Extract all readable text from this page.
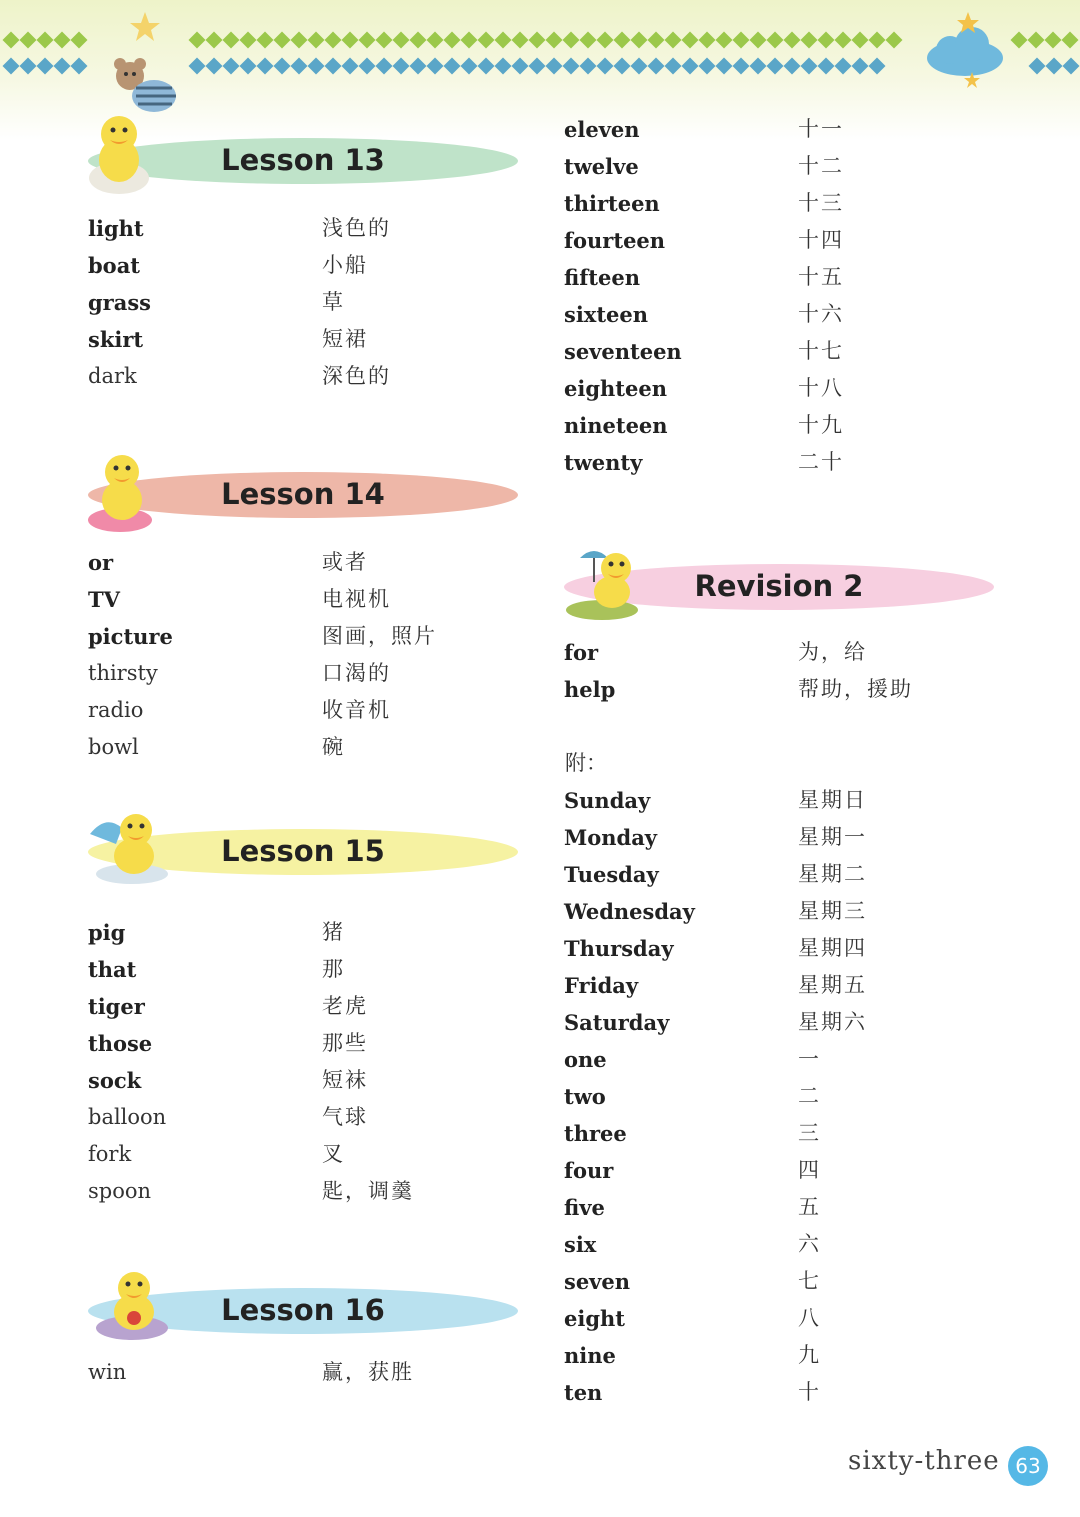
Lesson 13
light	浅色的
boat	小船
grass	草
skirt	短裙
dark	深色的
Lesson 14
or	或者
TV	电视机
picture	图画，照片
thirsty	口渴的
radio	收音机
bowl	碗
Lesson 15
pig	猪
that	那
tiger	老虎
those	那些
sock	短袜
balloon	气球
fork	叉
spoon	匙，调羹
Lesson 16
win	赢，获胜
eleven	十一
twelve	十二
thirteen	十三
fourteen	十四
fifteen	十五
sixteen	十六
seventeen	十七
eighteen	十八
nineteen	十九
twenty	二十
Revision 2
for	为，给
help	帮助，援助
附：
Sunday	星期日
Monday	星期一
Tuesday	星期二
Wednesday	星期三
Thursday	星期四
Friday	星期五
Saturday	星期六
one	一
two	二
three	三
four	四
five	五
six	六
seven	七
eight	八
nine	九
ten	十
sixty-three 63
